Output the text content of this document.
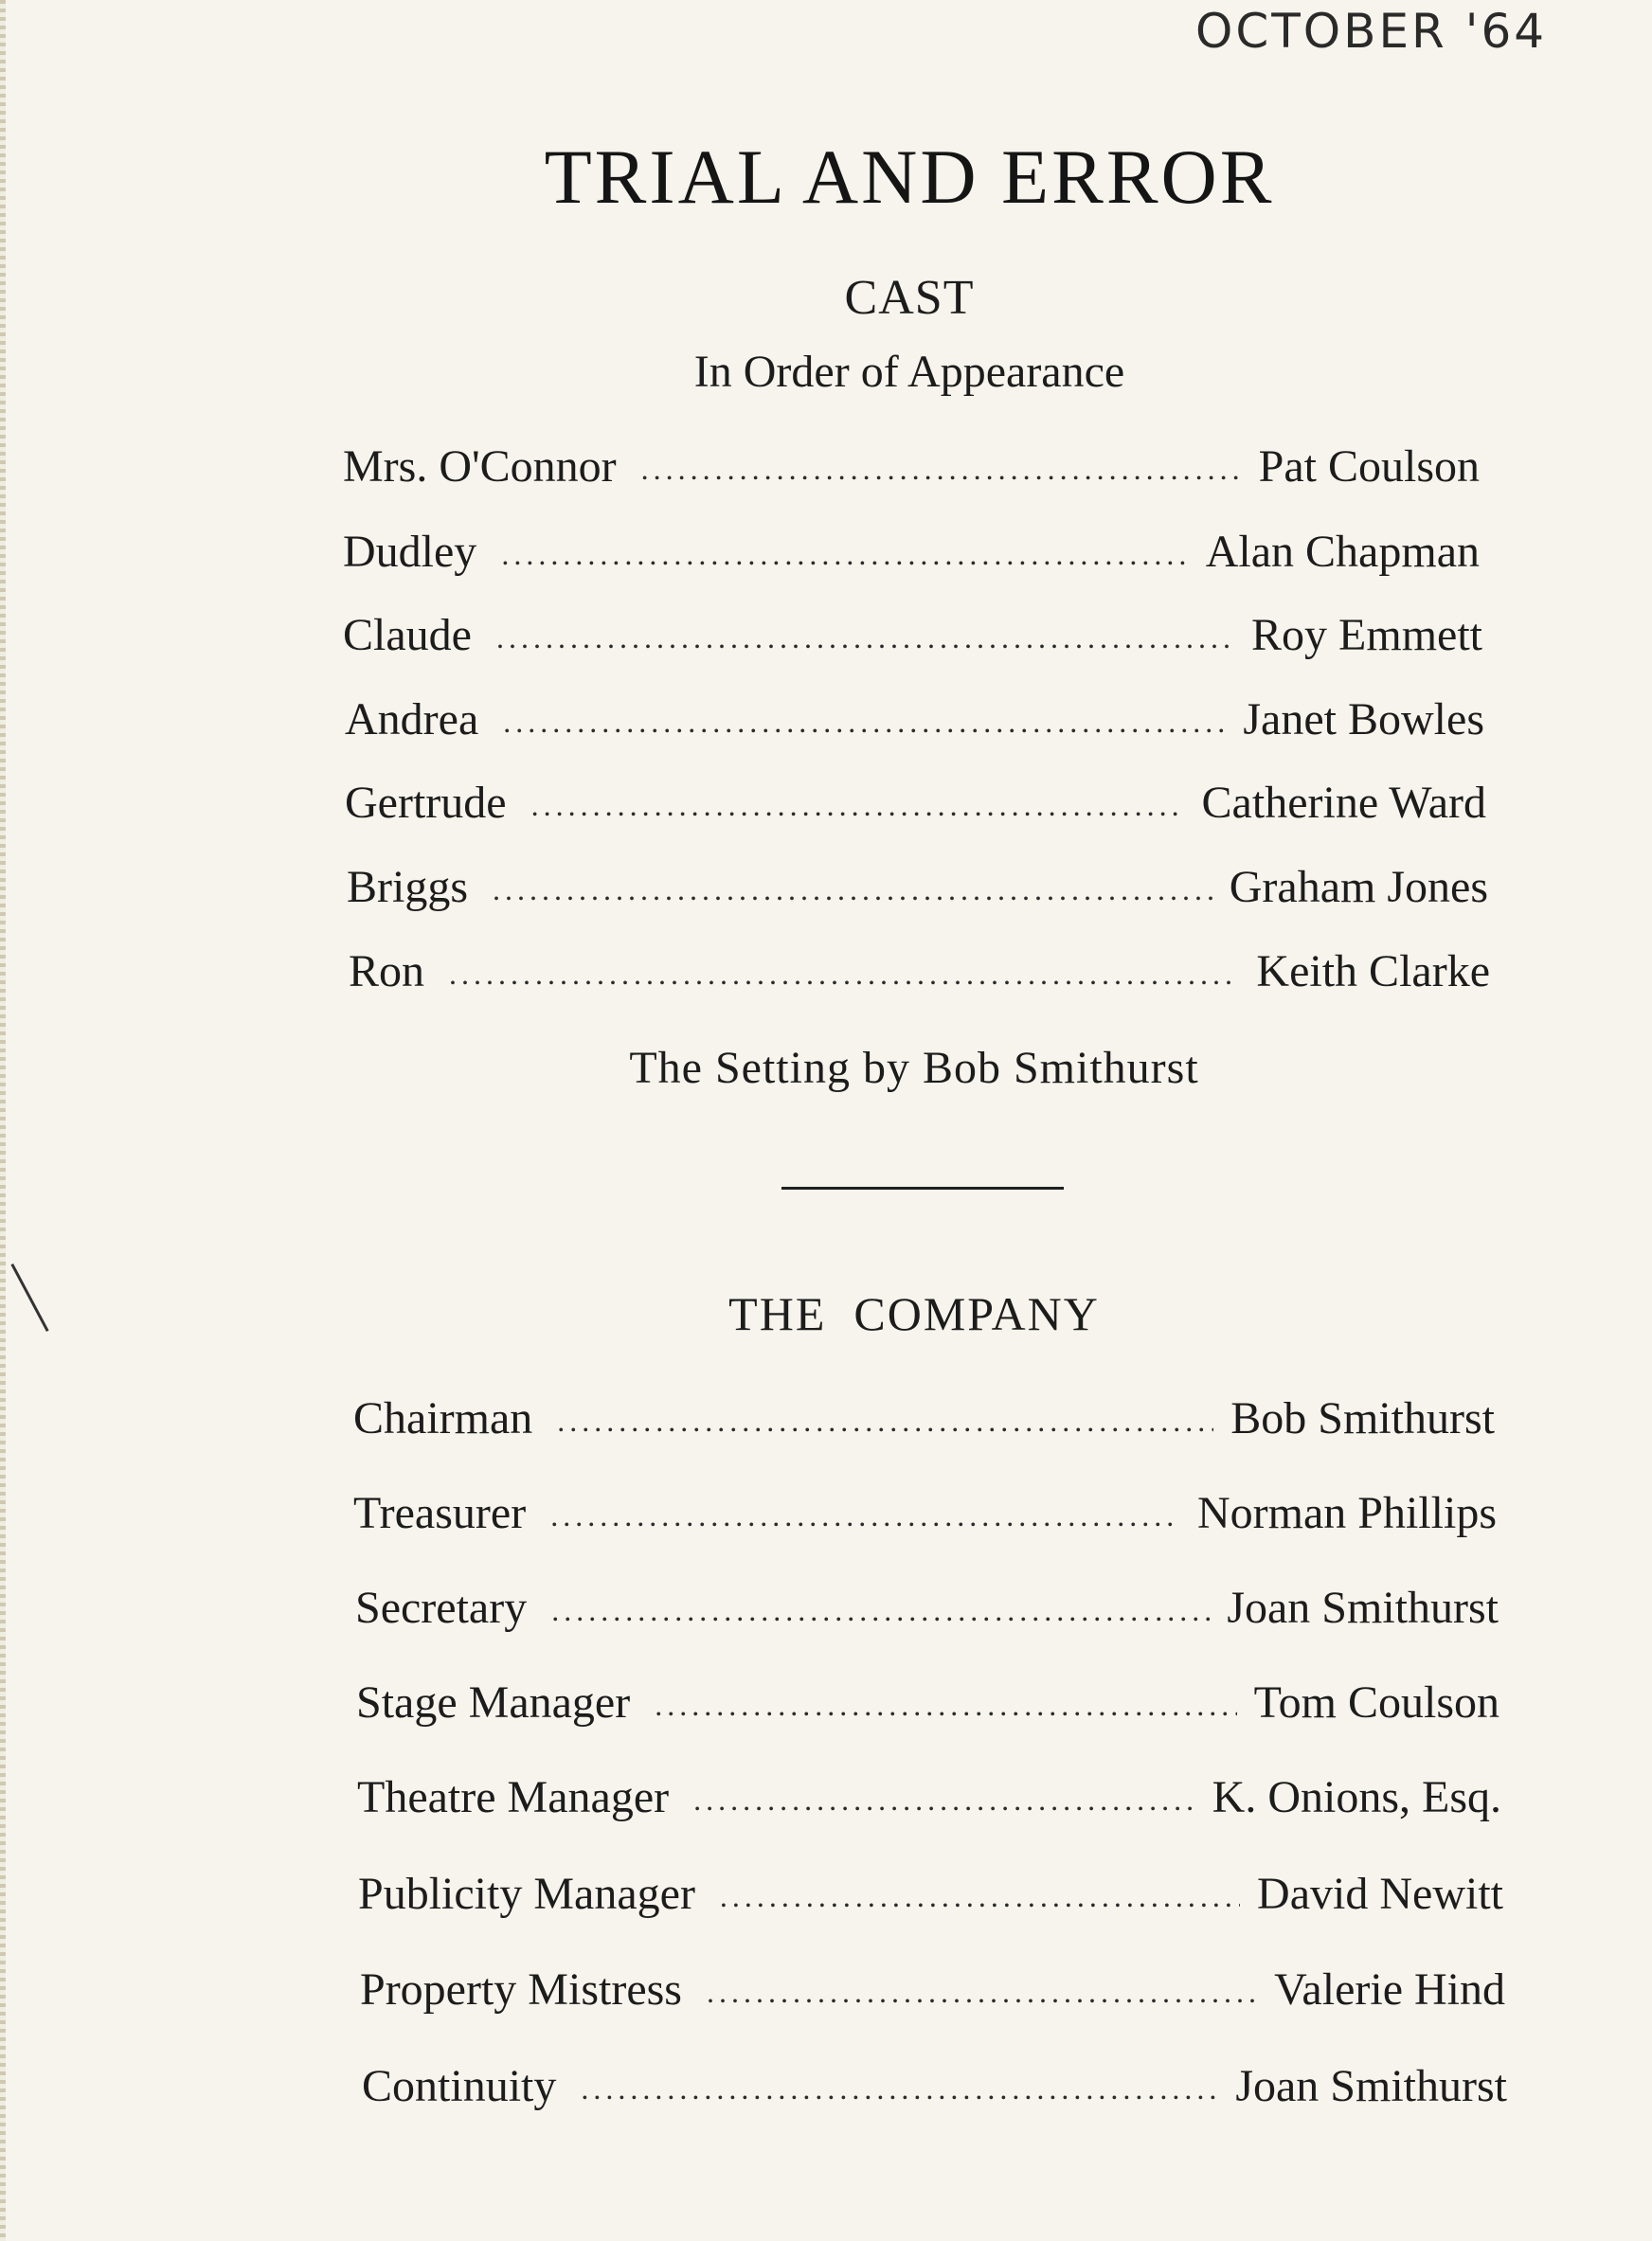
OCTOBER '64
TRIAL AND ERROR
CAST
In Order of Appearance
Mrs. O'Connor .....	Pat Coulson
Dudley .....	Alan Chapman
Claude .....	Roy Emmett
Andrea .....	Janet Bowles
Gertrude .....	Catherine Ward
Briggs .....	Graham Jones
Ron .....	Keith Clarke
The Setting by Bob Smithurst
THE  COMPANY
Chairman .....	Bob Smithurst
Treasurer .....	Norman Phillips
Secretary .....	Joan Smithurst
Stage Manager .....	Tom Coulson
Theatre Manager .....	K. Onions, Esq.
Publicity Manager .....	David Newitt
Property Mistress .....	Valerie Hind
Continuity .....	Joan Smithurst
